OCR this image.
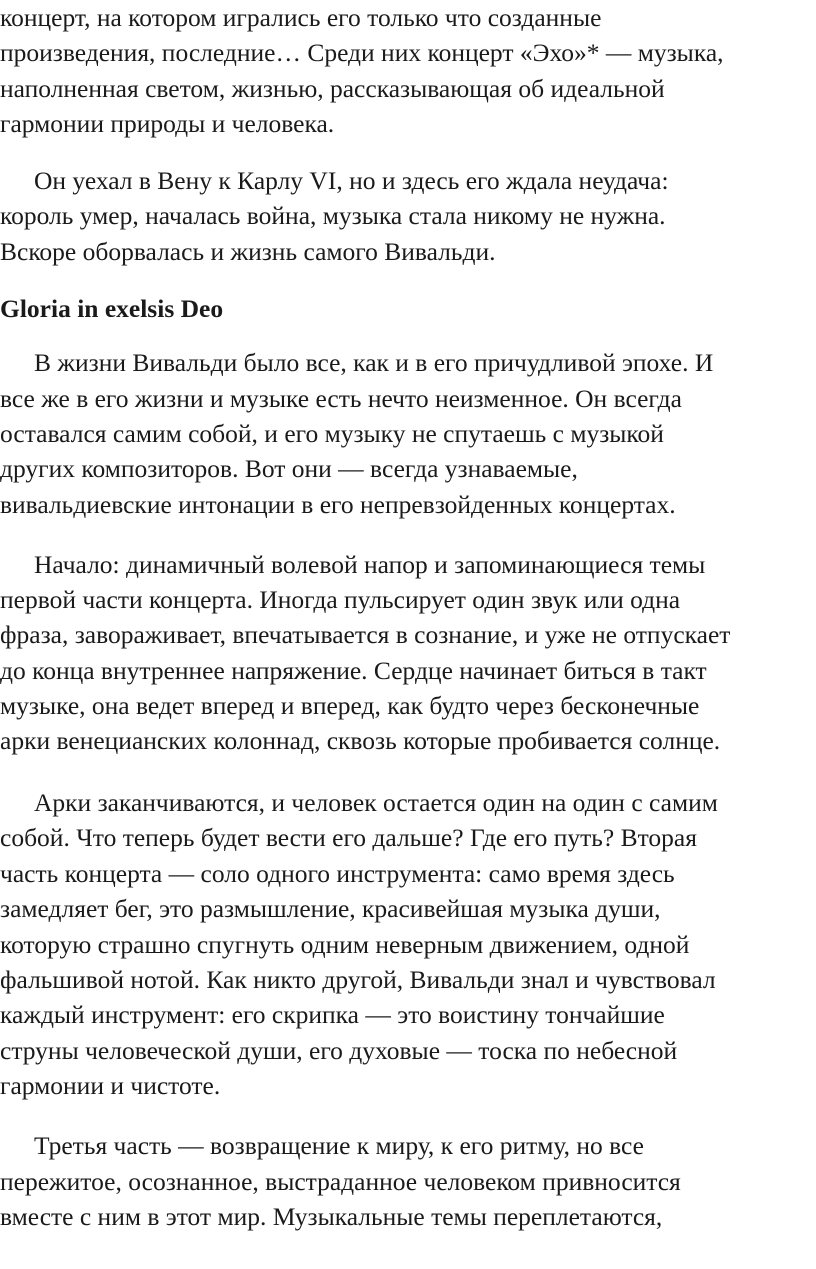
концерт, на котором игрались его только что созданные
произведения, последние… Среди них концерт «Эхо»* — музыка,
наполненная светом, жизнью, рассказывающая об идеальной
гармонии природы и человека.
Он уехал в Вену к Карлу VI, но и здесь его ждала неудача:
король умер, началась война, музыка стала никому не нужна.
Вскоре оборвалась и жизнь самого Вивальди.
Gloria in exelsis Deo
В жизни Вивальди было все, как и в его причудливой эпохе. И
все же в его жизни и музыке есть нечто неизменное. Он всегда
оставался самим собой, и его музыку не спутаешь с музыкой
других композиторов. Вот они — всегда узнаваемые,
вивальдиевские интонации в его непревзойденных концертах.
Начало: динамичный волевой напор и запоминающиеся темы
первой части концерта. Иногда пульсирует один звук или одна
фраза, завораживает, впечатывается в сознание, и уже не отпускает
до конца внутреннее напряжение. Сердце начинает биться в такт
музыке, она ведет вперед и вперед, как будто через бесконечные
арки венецианских колоннад, сквозь которые пробивается солнце.
Арки заканчиваются, и человек остается один на один с самим
собой. Что теперь будет вести его дальше? Где его путь? Вторая
часть концерта — соло одного инструмента: само время здесь
замедляет бег, это размышление, красивейшая музыка души,
которую страшно спугнуть одним неверным движением, одной
фальшивой нотой. Как никто другой, Вивальди знал и чувствовал
каждый инструмент: его скрипка — это воистину тончайшие
струны человеческой души, его духовые — тоска по небесной
гармонии и чистоте.
Третья часть — возвращение к миру, к его ритму, но все
пережитое, осознанное, выстраданное человеком привносится
вместе с ним в этот мир. Музыкальные темы переплетаются,
